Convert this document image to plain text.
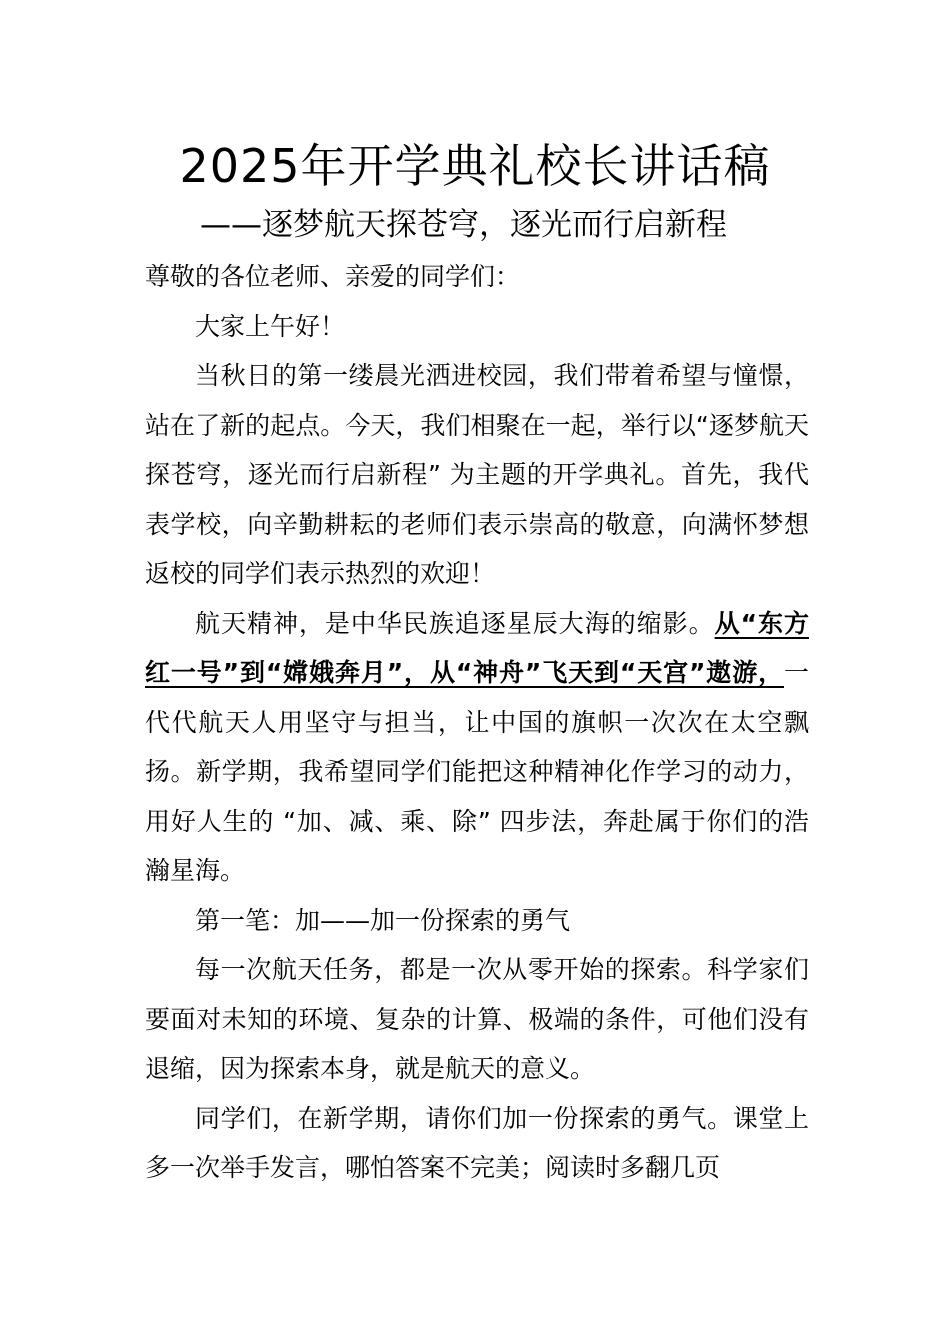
2025年开学典礼校长讲话稿
——逐梦航天探苍穹，逐光而行启新程

尊敬的各位老师、亲爱的同学们：

大家上午好！

当秋日的第一缕晨光洒进校园，我们带着希望与憧憬，站在了新的起点。今天，我们相聚在一起，举行以“逐梦航天探苍穹，逐光而行启新程” 为主题的开学典礼。首先，我代表学校，向辛勤耕耘的老师们表示崇高的敬意，向满怀梦想返校的同学们表示热烈的欢迎！

航天精神，是中华民族追逐星辰大海的缩影。从“东方红一号”到“嫦娥奔月”，从“神舟”飞天到“天宫”遨游，一代代航天人用坚守与担当，让中国的旗帜一次次在太空飘扬。新学期，我希望同学们能把这种精神化作学习的动力，用好人生的 “加、减、乘、除” 四步法，奔赴属于你们的浩瀚星海。

第一笔：加——加一份探索的勇气

每一次航天任务，都是一次从零开始的探索。科学家们要面对未知的环境、复杂的计算、极端的条件，可他们没有退缩，因为探索本身，就是航天的意义。

同学们，在新学期，请你们加一份探索的勇气。课堂上多一次举手发言，哪怕答案不完美；阅读时多翻几页
